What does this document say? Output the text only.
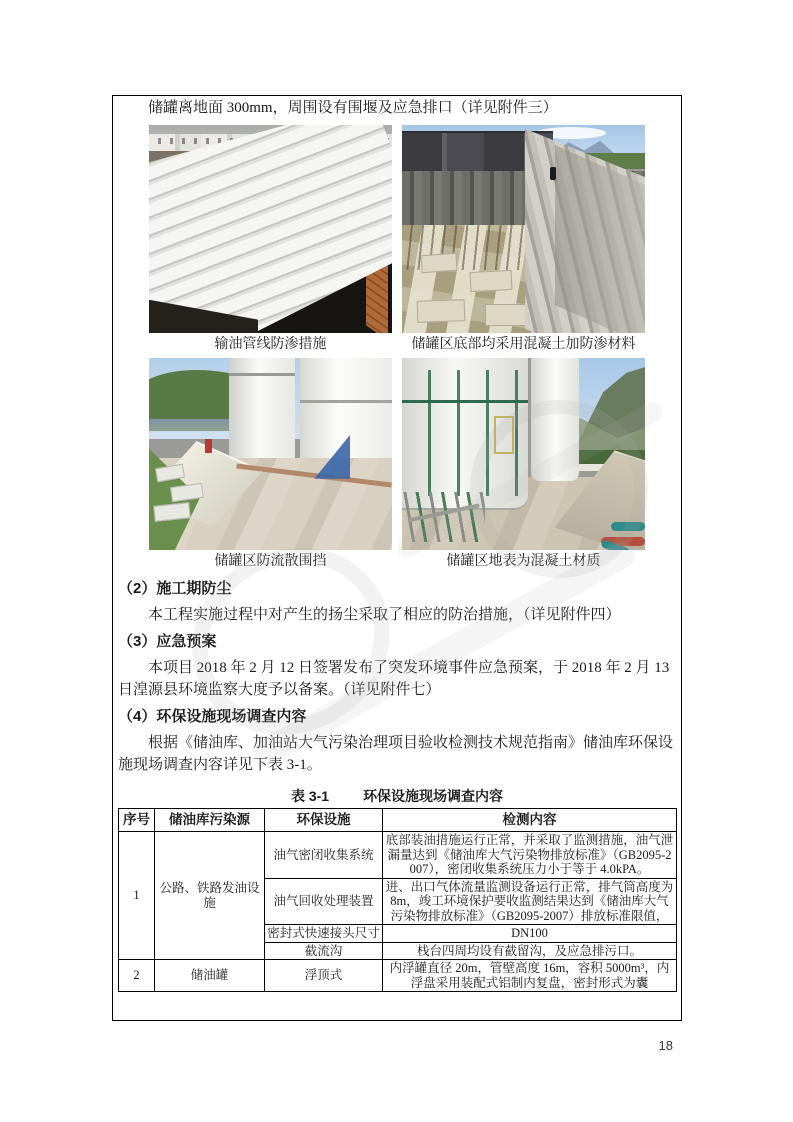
储罐离地面 300mm，周围设有围堰及应急排口（详见附件三）

输油管线防渗措施	储罐区底部均采用混凝土加防渗材料
储罐区防流散围挡	储罐区地表为混凝土材质
（2）施工期防尘

本工程实施过程中对产生的扬尘采取了相应的防治措施，（详见附件四）

（3）应急预案

本项目 2018 年 2 月 12 日签署发布了突发环境事件应急预案，于 2018 年 2 月 13 日湟源县环境监察大度予以备案。（详见附件七）

（4）环保设施现场调查内容

根据《储油库、加油站大气污染治理项目验收检测技术规范指南》储油库环保设施现场调查内容详见下表 3-1。

表 3-1 环保设施现场调查内容
序号	储油库污染源	环保设施	检测内容
1	公路、铁路发油设施	油气密闭收集系统	底部装油措施运行正常，并采取了监测措施，油气泄漏量达到《储油库大气污染物排放标准》（GB2095-2007），密闭收集系统压力小于等于 4.0kPA。
		油气回收处理装置	进、出口气体流量监测设备运行正常，排气筒高度为 8m，竣工环境保护要收监测结果达到《储油库大气污染物排放标准》（GB2095-2007）排放标准限值，
		密封式快速接头尺寸	DN100
		截流沟	栈台四周均设有截留沟，及应急排污口。
2	储油罐	浮顶式	内浮罐直径 20m，管壁高度 16m，容积 5000m³，内浮盘采用装配式铝制内复盘，密封形式为囊
18
